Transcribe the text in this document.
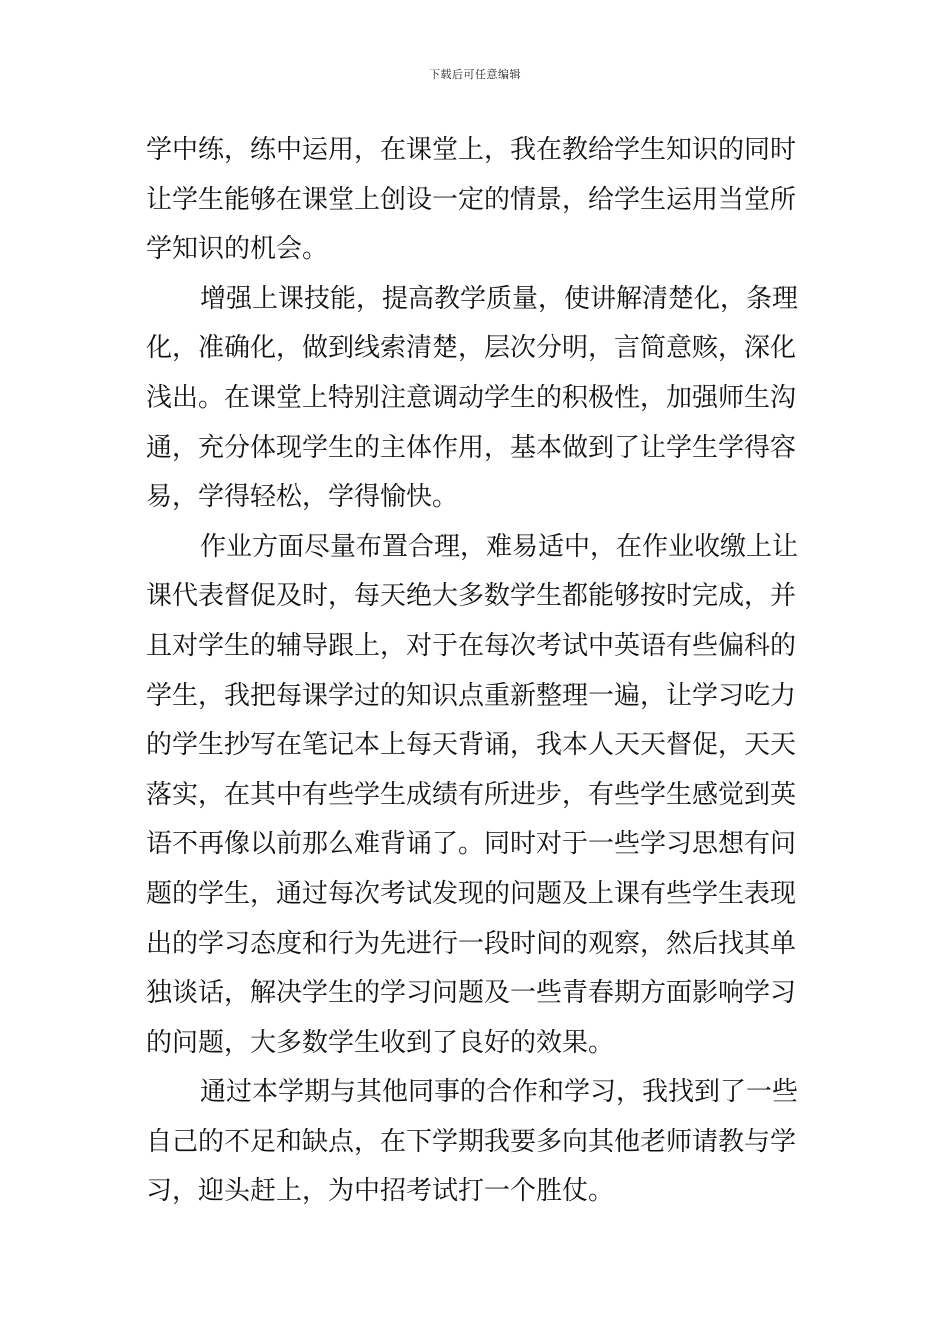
下载后可任意编辑
学中练，练中运用，在课堂上，我在教给学生知识的同时
让学生能够在课堂上创设一定的情景，给学生运用当堂所
学知识的机会。
增强上课技能，提高教学质量，使讲解清楚化，条理
化，准确化，做到线索清楚，层次分明，言简意赅，深化
浅出。在课堂上特别注意调动学生的积极性，加强师生沟
通，充分体现学生的主体作用，基本做到了让学生学得容
易，学得轻松，学得愉快。
作业方面尽量布置合理，难易适中，在作业收缴上让
课代表督促及时，每天绝大多数学生都能够按时完成，并
且对学生的辅导跟上，对于在每次考试中英语有些偏科的
学生，我把每课学过的知识点重新整理一遍，让学习吃力
的学生抄写在笔记本上每天背诵，我本人天天督促，天天
落实，在其中有些学生成绩有所进步，有些学生感觉到英
语不再像以前那么难背诵了。同时对于一些学习思想有问
题的学生，通过每次考试发现的问题及上课有些学生表现
出的学习态度和行为先进行一段时间的观察，然后找其单
独谈话，解决学生的学习问题及一些青春期方面影响学习
的问题，大多数学生收到了良好的效果。
通过本学期与其他同事的合作和学习，我找到了一些
自己的不足和缺点，在下学期我要多向其他老师请教与学
习，迎头赶上，为中招考试打一个胜仗。
